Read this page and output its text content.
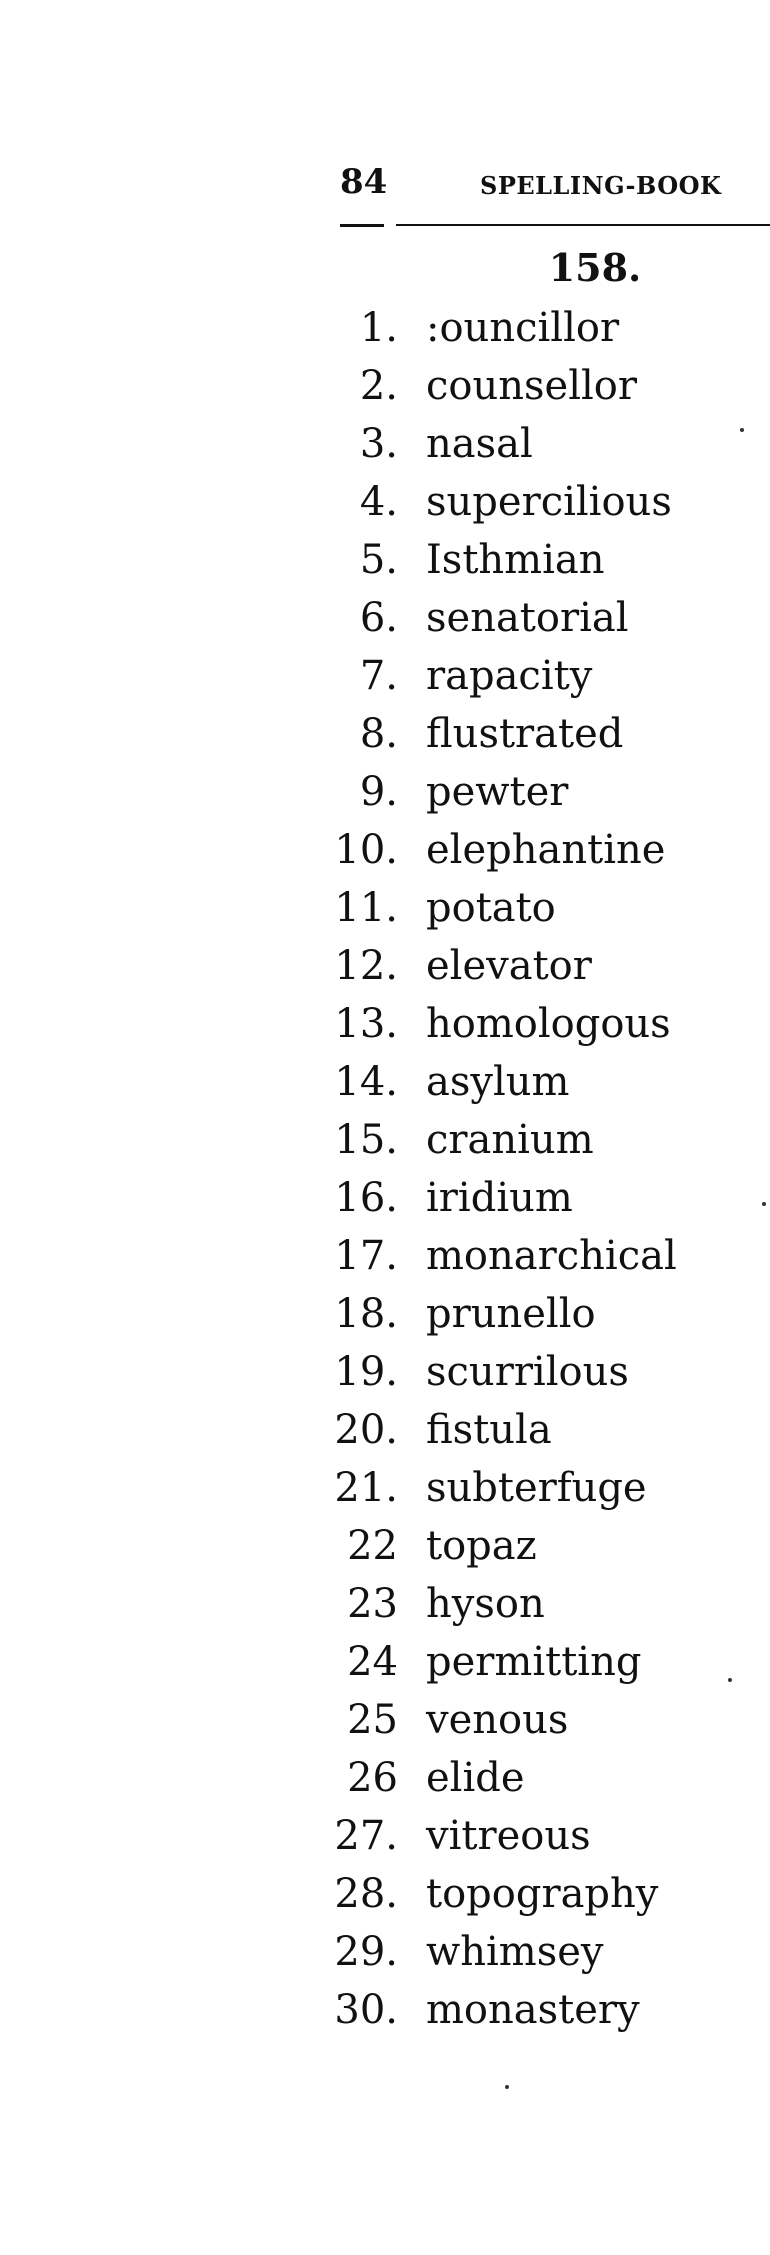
84	SPELLING-BOOK
158.
1. :ouncillor
2. counsellor
3. nasal
4. supercilious
5. Isthmian
6. senatorial
7. rapacity
8. flustrated
9. pewter
10. elephantine
11. potato
12. elevator
13. homologous
14. asylum
15. cranium
16. iridium
17. monarchical
18. prunello
19. scurrilous
20. fistula
21. subterfuge
22 topaz
23 hyson
24 permitting
25 venous
26 elide
27. vitreous
28. topography
29. whimsey
30. monastery
